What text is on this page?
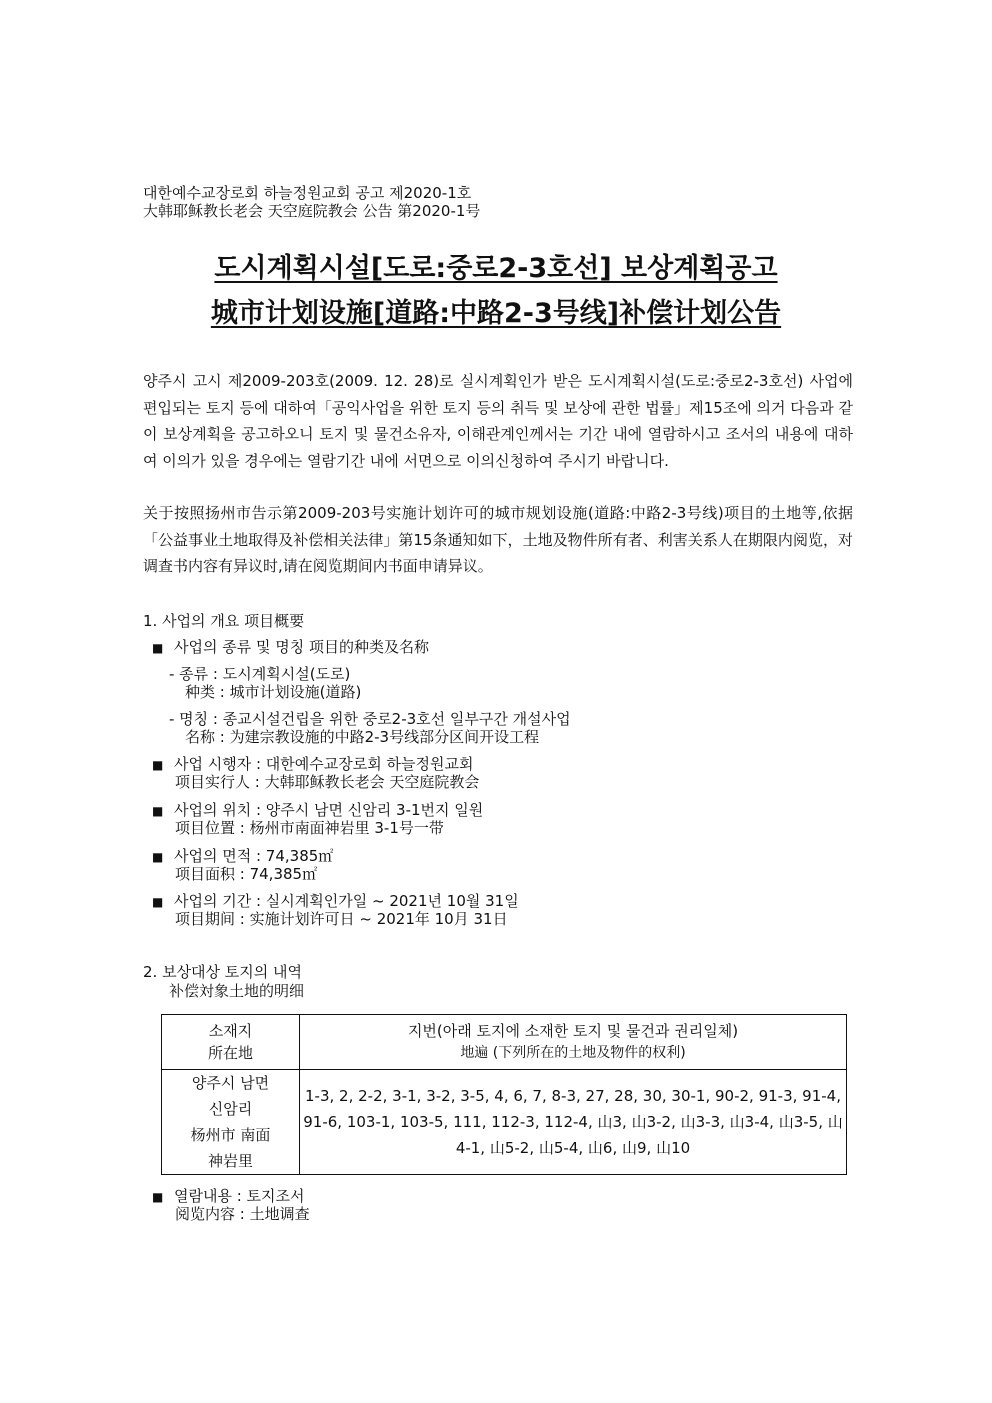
대한예수교장로회 하늘정원교회 공고 제2020-1호
大韩耶稣教长老会 天空庭院教会 公告 第2020-1号
도시계획시설[도로:중로2-3호선] 보상계획공고
城市计划设施[道路:中路2-3号线]补偿计划公告
양주시 고시 제2009-203호(2009. 12. 28)로 실시계획인가 받은 도시계획시설(도로:중로2-3호선) 사업에 편입되는 토지 등에 대하여「공익사업을 위한 토지 등의 취득 및 보상에 관한 법률」제15조에 의거 다음과 같이 보상계획을 공고하오니 토지 및 물건소유자, 이해관계인께서는 기간 내에 열람하시고 조서의 내용에 대하여 이의가 있을 경우에는 열람기간 내에 서면으로 이의신청하여 주시기 바랍니다.
关于按照扬州市告示第2009-203号实施计划许可的城市规划设施(道路:中路2-3号线)项目的土地等,依据「公益事业土地取得及补偿相关法律」第15条通知如下，土地及物件所有者、利害关系人在期限内阅览，对调查书内容有异议时,请在阅览期间内书面申请异议。
1. 사업의 개요 项目概要
■ 사업의 종류 및 명칭 项目的种类及名称
- 종류 : 도시계획시설(도로)
种类 : 城市计划设施(道路)
- 명칭 : 종교시설건립을 위한 중로2-3호선 일부구간 개설사업
名称 : 为建宗教设施的中路2-3号线部分区间开设工程
■ 사업 시행자 : 대한예수교장로회 하늘정원교회
项目实行人 : 大韩耶稣教长老会 天空庭院教会
■ 사업의 위치 : 양주시 남면 신암리 3-1번지 일원
项目位置 : 杨州市南面神岩里 3-1号一带
■ 사업의 면적 : 74,385㎡
项目面积 : 74,385㎡
■ 사업의 기간 : 실시계획인가일 ~ 2021년 10월 31일
项目期间 : 实施计划许可日 ~ 2021年 10月 31日
2. 보상대상 토지의 내역
补偿対象土地的明细
소재지
所在地	지번(아래 토지에 소재한 토지 및 물건과 권리일체)
地遍 (下列所在的土地及物件的权利)

양주시 남면
신암리
杨州市 南面
神岩里	1-3, 2, 2-2, 3-1, 3-2, 3-5, 4, 6, 7, 8-3, 27, 28, 30, 30-1, 90-2, 91-3, 91-4, 91-6, 103-1, 103-5, 111, 112-3, 112-4, 山3, 山3-2, 山3-3, 山3-4, 山3-5, 山4-1, 山5-2, 山5-4, 山6, 山9, 山10
■ 열람내용 : 토지조서
阅览内容 : 土地调查
